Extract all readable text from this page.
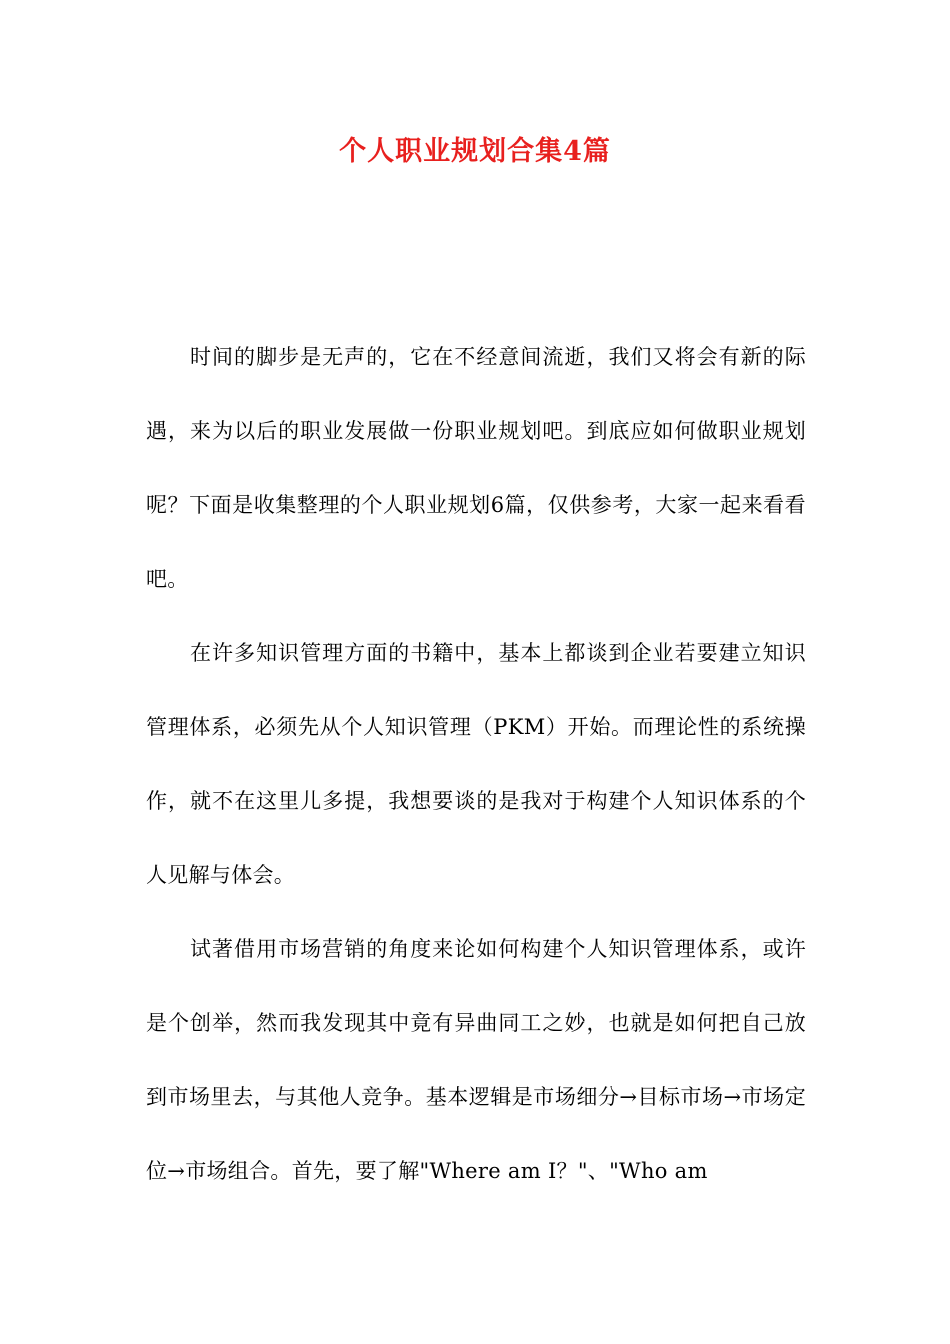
个人职业规划合集4篇

时间的脚步是无声的，它在不经意间流逝，我们又将会有新的际遇，来为以后的职业发展做一份职业规划吧。到底应如何做职业规划呢？下面是收集整理的个人职业规划6篇，仅供参考，大家一起来看看吧。

在许多知识管理方面的书籍中，基本上都谈到企业若要建立知识管理体系，必须先从个人知识管理（PKM）开始。而理论性的系统操作，就不在这里儿多提，我想要谈的是我对于构建个人知识体系的个人见解与体会。

试著借用市场营销的角度来论如何构建个人知识管理体系，或许是个创举，然而我发现其中竟有异曲同工之妙，也就是如何把自己放到市场里去，与其他人竞争。基本逻辑是市场细分→目标市场→市场定位→市场组合。首先，要了解"Where am I？"、"Who am
